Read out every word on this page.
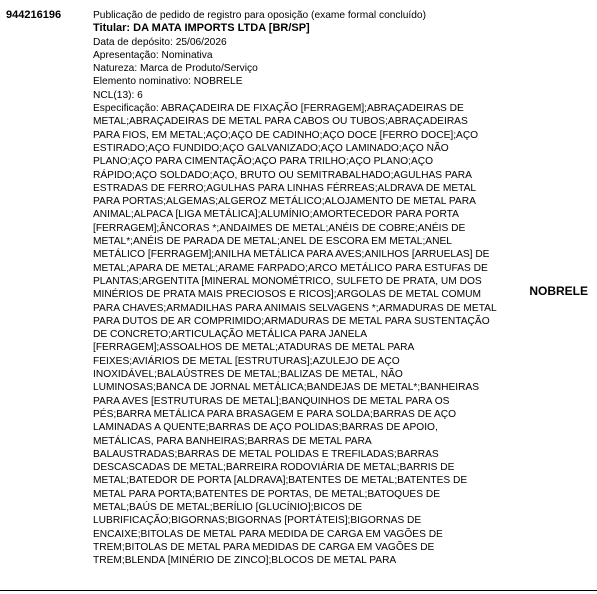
944216196	Publicação de pedido de registro para oposição (exame formal concluído)
Titular: DA MATA IMPORTS LTDA [BR/SP]
Data de depósito: 25/06/2026
Apresentação: Nominativa
Natureza: Marca de Produto/Serviço
Elemento nominativo: NOBRELE
NCL(13): 6
Especificação: ABRAÇADEIRA DE FIXAÇÃO [FERRAGEM];ABRAÇADEIRAS DE
METAL;ABRAÇADEIRAS DE METAL PARA CABOS OU TUBOS;ABRAÇADEIRAS
PARA FIOS, EM METAL;AÇO;AÇO DE CADINHO;AÇO DOCE [FERRO DOCE];AÇO
ESTIRADO;AÇO FUNDIDO;AÇO GALVANIZADO;AÇO LAMINADO;AÇO NÃO
PLANO;AÇO PARA CIMENTAÇÃO;AÇO PARA TRILHO;AÇO PLANO;AÇO
RÁPIDO;AÇO SOLDADO;AÇO, BRUTO OU SEMITRABALHADO;AGULHAS PARA
ESTRADAS DE FERRO;AGULHAS PARA LINHAS FÉRREAS;ALDRAVA DE METAL
PARA PORTAS;ALGEMAS;ALGEROZ METÁLICO;ALOJAMENTO DE METAL PARA
ANIMAL;ALPACA [LIGA METÁLICA];ALUMÍNIO;AMORTECEDOR PARA PORTA
[FERRAGEM];ÂNCORAS *;ANDAIMES DE METAL;ANÉIS DE COBRE;ANÉIS DE
METAL*;ANÉIS DE PARADA DE METAL;ANEL DE ESCORA EM METAL;ANEL
METÁLICO [FERRAGEM];ANILHA METÁLICA PARA AVES;ANILHOS [ARRUELAS] DE
METAL;APARA DE METAL;ARAME FARPADO;ARCO METÁLICO PARA ESTUFAS DE
PLANTAS;ARGENTITA [MINERAL MONOMÉTRICO, SULFETO DE PRATA, UM DOS
MINÉRIOS DE PRATA MAIS PRECIOSOS E RICOS];ARGOLAS DE METAL COMUM
PARA CHAVES;ARMADILHAS PARA ANIMAIS SELVAGENS *;ARMADURAS DE METAL
PARA DUTOS DE AR COMPRIMIDO;ARMADURAS DE METAL PARA SUSTENTAÇÃO
DE CONCRETO;ARTICULAÇÃO METÁLICA PARA JANELA
[FERRAGEM];ASSOALHOS DE METAL;ATADURAS DE METAL PARA
FEIXES;AVIÁRIOS DE METAL [ESTRUTURAS];AZULEJO DE AÇO
INOXIDÁVEL;BALAÚSTRES DE METAL;BALIZAS DE METAL, NÃO
LUMINOSAS;BANCA DE JORNAL METÁLICA;BANDEJAS DE METAL*;BANHEIRAS
PARA AVES [ESTRUTURAS DE METAL];BANQUINHOS DE METAL PARA OS
PÉS;BARRA METÁLICA PARA BRASAGEM E PARA SOLDA;BARRAS DE AÇO
LAMINADAS A QUENTE;BARRAS DE AÇO POLIDAS;BARRAS DE APOIO,
METÁLICAS, PARA BANHEIRAS;BARRAS DE METAL PARA
BALAUSTRADAS;BARRAS DE METAL POLIDAS E TREFILADAS;BARRAS
DESCASCADAS DE METAL;BARREIRA RODOVIÁRIA DE METAL;BARRIS DE
METAL;BATEDOR DE PORTA [ALDRAVA];BATENTES DE METAL;BATENTES DE
METAL PARA PORTA;BATENTES DE PORTAS, DE METAL;BATOQUES DE
METAL;BAÚS DE METAL;BERÍLIO [GLUCÍNIO];BICOS DE
LUBRIFICAÇÃO;BIGORNAS;BIGORNAS [PORTÁTEIS];BIGORNAS DE
ENCAIXE;BITOLAS DE METAL PARA MEDIDA DE CARGA EM VAGÕES DE
TREM;BITOLAS DE METAL PARA MEDIDAS DE CARGA EM VAGÕES DE
TREM;BLENDA [MINÉRIO DE ZINCO];BLOCOS DE METAL PARA
NOBRELE
